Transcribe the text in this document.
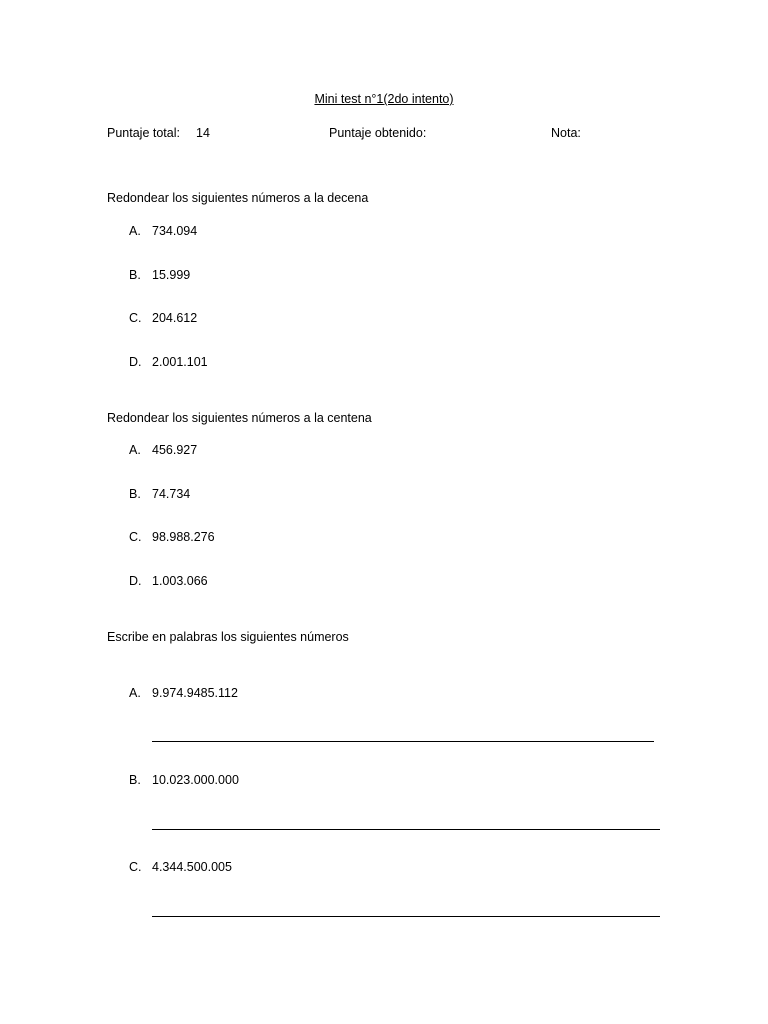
Mini test n°1(2do intento)
Puntaje total: 14	Puntaje obtenido:	Nota:
Redondear los siguientes números a la decena
A. 734.094
B. 15.999
C. 204.612
D. 2.001.101
Redondear los siguientes números a la centena
A. 456.927
B. 74.734
C. 98.988.276
D. 1.003.066
Escribe en palabras los siguientes números
A. 9.974.9485.112
B. 10.023.000.000
C. 4.344.500.005
